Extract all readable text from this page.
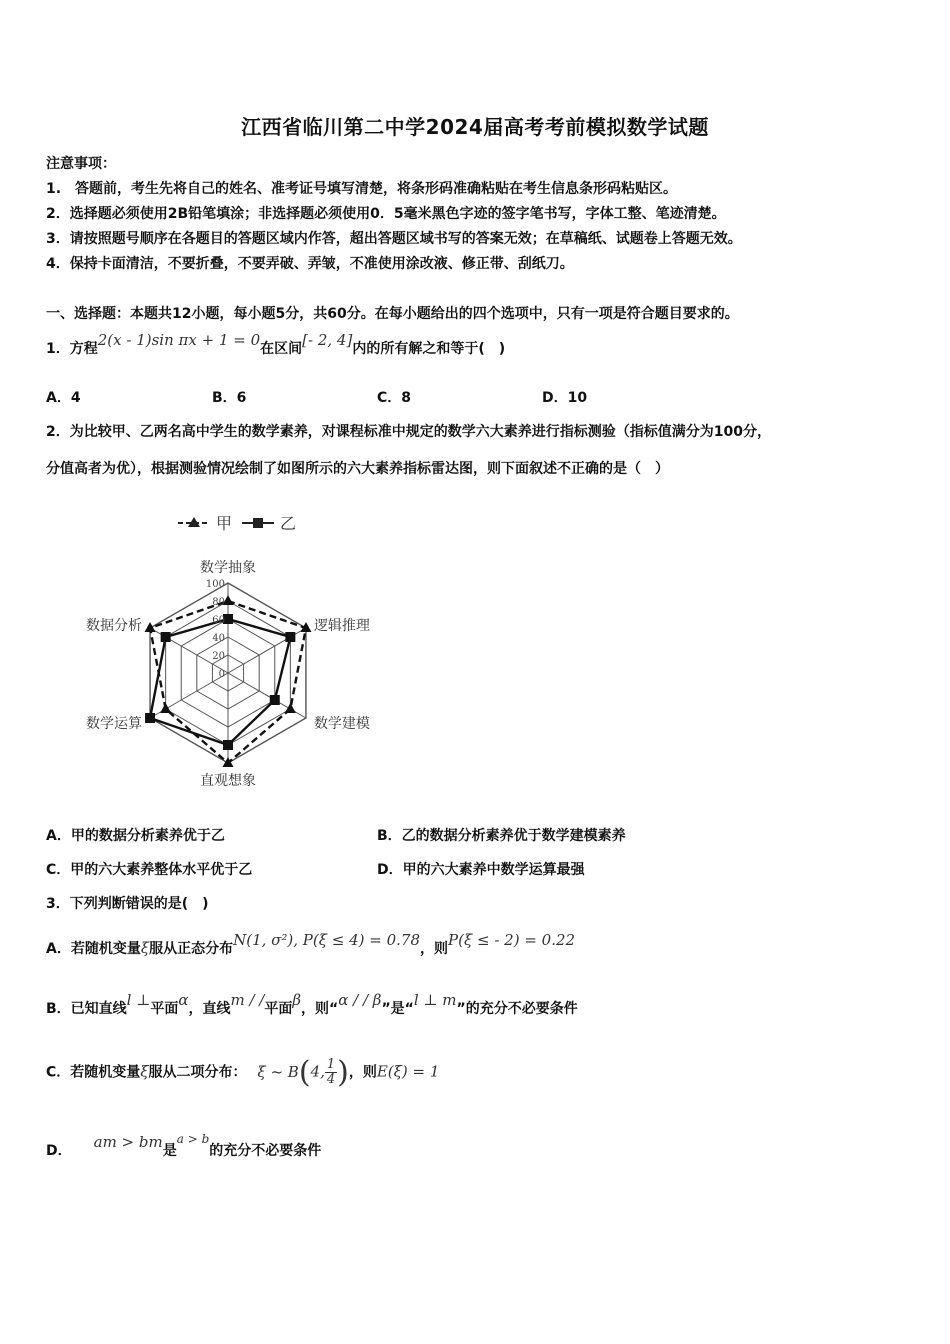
江西省临川第二中学2024届高考考前模拟数学试题
注意事项：
1.　答题前，考生先将自己的姓名、准考证号填写清楚，将条形码准确粘贴在考生信息条形码粘贴区。
2．选择题必须使用2B铅笔填涂；非选择题必须使用0．5毫米黑色字迹的签字笔书写，字体工整、笔迹清楚。
3．请按照题号顺序在各题目的答题区域内作答，超出答题区域书写的答案无效；在草稿纸、试题卷上答题无效。
4．保持卡面清洁，不要折叠，不要弄破、弄皱，不准使用涂改液、修正带、刮纸刀。
一、选择题：本题共12小题，每小题5分，共60分。在每小题给出的四个选项中，只有一项是符合题目要求的。
1．方程2(x - 1)sin πx + 1 = 0在区间[- 2, 4]内的所有解之和等于(　)
A．4	B．6	C．8	D．10
2．为比较甲、乙两名高中学生的数学素养，对课程标准中规定的数学六大素养进行指标测验（指标值满分为100分，
分值高者为优），根据测验情况绘制了如图所示的六大素养指标雷达图，则下面叙述不正确的是（　）
甲	乙
0
20
40
60
80
100
数学抽象
逻辑推理
数学建模
直观想象
数学运算
数据分析
A．甲的数据分析素养优于乙	B．乙的数据分析素养优于数学建模素养
C．甲的六大素养整体水平优于乙	D．甲的六大素养中数学运算最强
3．下列判断错误的是(　)
A．若随机变量ξ服从正态分布N(1, σ²), P(ξ ≤ 4) = 0.78，则P(ξ ≤ - 2) = 0.22
B．已知直线l ⊥平面α，直线m / /平面β，则“α / / β”是“l ⊥ m”的充分不必要条件
C．若随机变量ξ服从二项分布： ξ ~ B(4, $\frac{1}{4}$ )，则E(ξ) = 1
D． am > bm是a > b的充分不必要条件
